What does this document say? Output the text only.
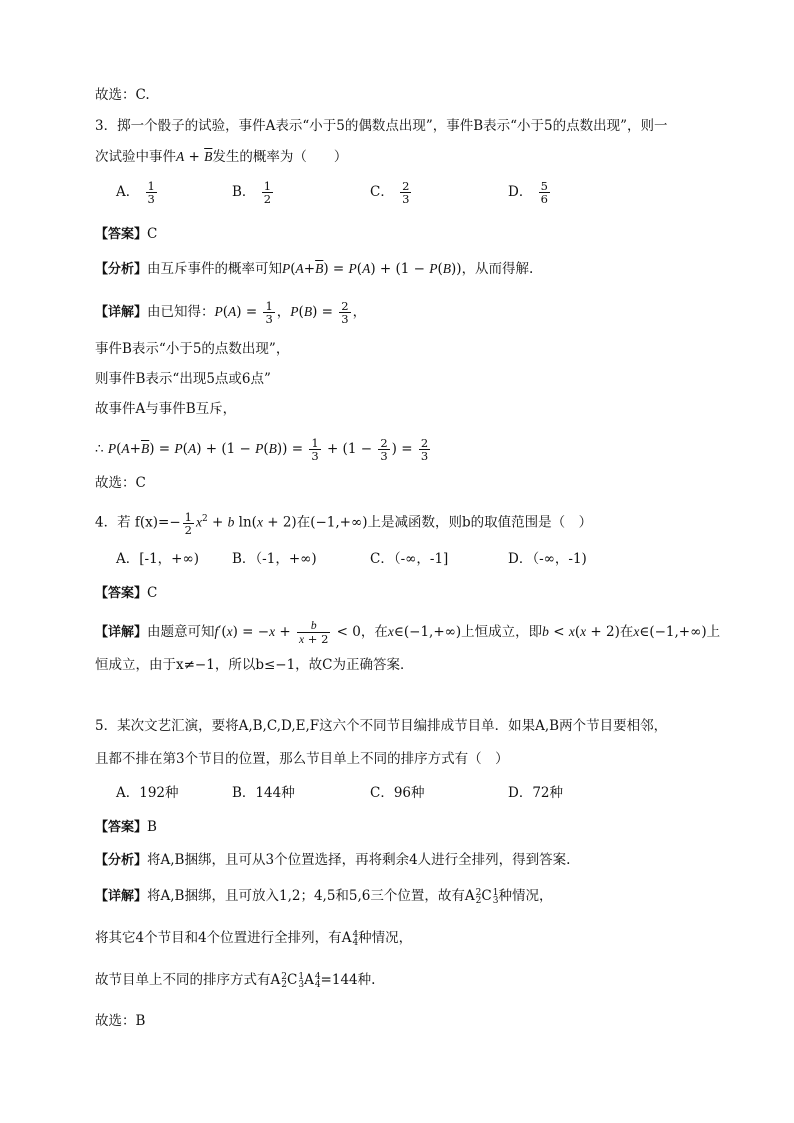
故选：C.
3．掷一个骰子的试验，事件A表示“小于5的偶数点出现”，事件B表示“小于5的点数出现”，则一
次试验中事件$A + \overline{B}$发生的概率为（　　）
A． $\frac{1}{3}$	B． $\frac{1}{2}$	C． $\frac{2}{3}$	D． $\frac{5}{6}$
【答案】C
【分析】由互斥事件的概率可知$P(A+\overline{B}) = P(A) + (1 - P(B))$，从而得解.
【详解】由已知得：$P(A) = \frac{1}{3}$ ，$P(B) = \frac{2}{3}$ ，
事件B表示“小于5的点数出现”，
则事件B表示“出现5点或6点”
故事件A与事件B互斥，
∴ $P(A+\overline{B}) = P(A) + (1 - P(B)) = \frac{1}{3} + (1 - \frac{2}{3}$ ) = $\frac{2}{3}$
故选：C
4．若 $f(x)=- \frac{1}{2} x^2 + b$ ln(x + 2)在(−1,+∞)上是减函数，则b的取值范围是（　）
A．[-1，+∞) B．（-1，+∞)	C．（-∞，-1]	D．（-∞，-1)
【答案】C
【详解】由题意可知$f'(x) = -x + \frac{b}{x + 2} < 0$，在x∈(−1,+∞)上恒成立，即b < x(x + 2)在x∈(−1,+∞)上
恒成立，由于x≠−1，所以b≤−1，故C为正确答案．
5．某次文艺汇演，要将A,B,C,D,E,F这六个不同节目编排成节目单．如果A,B两个节目要相邻，
且都不排在第3个节目的位置，那么节目单上不同的排序方式有（　）
A．192种	B．144种	C．96种	D．72种
【答案】B
【分析】将A,B捆绑，且可从3个位置选择，再将剩余4人进行全排列，得到答案.
【详解】将A,B捆绑，且可放入1,2；4,5和5,6三个位置，故有A 2
2 C 1
3 种情况，
将其它4个节目和4个位置进行全排列，有A 4
4 种情况，
故节目单上不同的排序方式有A 2
2 C 1
3 A 4
4 =144种.
故选：B
